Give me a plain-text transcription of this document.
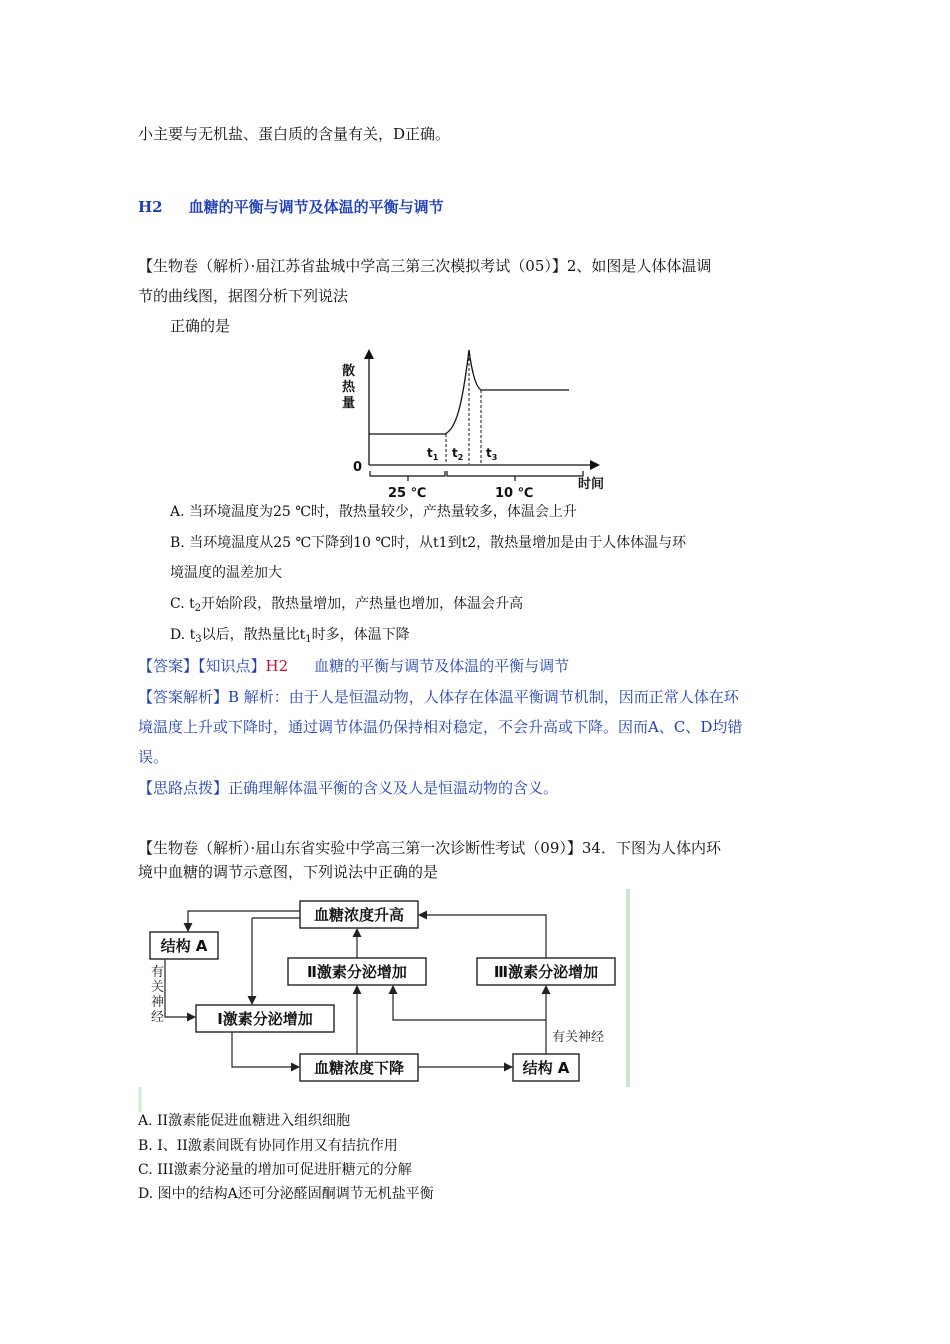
小主要与无机盐、蛋白质的含量有关，D正确。
H2 血糖的平衡与调节及体温的平衡与调节
【生物卷（解析）·届江苏省盐城中学高三第三次模拟考试（05）】2、如图是人体体温调
节的曲线图，据图分析下列说法
正确的是
散
热
量
0
$t_1$ $t_2$ $t_3$
25 ℃	10 ℃
时间
A. 当环境温度为25 ℃时，散热量较少，产热量较多，体温会上升
B. 当环境温度从25 ℃下降到10 ℃时，从t1到t2，散热量增加是由于人体体温与环
境温度的温差加大
C. $t_2$开始阶段，散热量增加，产热量也增加，体温会升高
D. $t_3$以后，散热量比$t_1$时多，体温下降
【答案】【知识点】H2 血糖的平衡与调节及体温的平衡与调节
【答案解析】B 解析：由于人是恒温动物，人体存在体温平衡调节机制，因而正常人体在环
境温度上升或下降时，通过调节体温仍保持相对稳定，不会升高或下降。因而A、C、D均错
误。
【思路点拨】正确理解体温平衡的含义及人是恒温动物的含义。
【生物卷（解析）·届山东省实验中学高三第一次诊断性考试（09）】34．下图为人体内环
境中血糖的调节示意图，下列说法中正确的是
血糖浓度升高
结构 A
Ⅱ激素分泌增加	Ⅲ激素分泌增加
Ⅰ激素分泌增加
血糖浓度下降	结构 A
有
关
神
经
有关神经
A. II激素能促进血糖进入组织细胞
B. I、II激素间既有协同作用又有拮抗作用
C. III激素分泌量的增加可促进肝糖元的分解
D. 图中的结构A还可分泌醛固酮调节无机盐平衡
